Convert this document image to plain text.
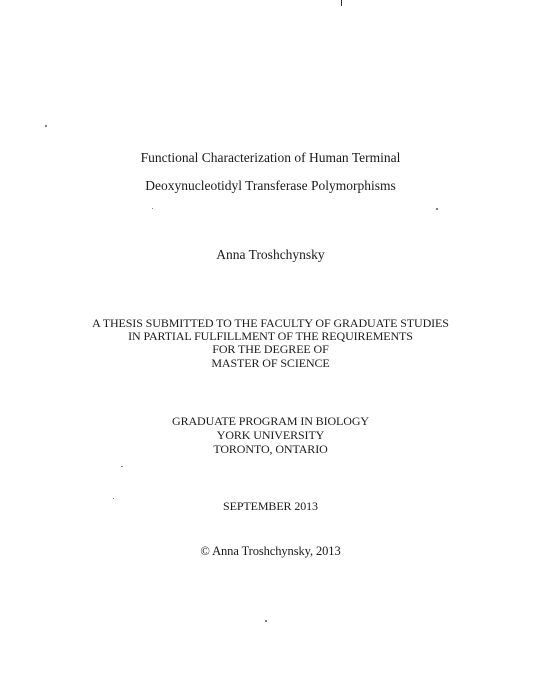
Functional Characterization of Human Terminal
Deoxynucleotidyl Transferase Polymorphisms
Anna Troshchynsky
A THESIS SUBMITTED TO THE FACULTY OF GRADUATE STUDIES
IN PARTIAL FULFILLMENT OF THE REQUIREMENTS
FOR THE DEGREE OF
MASTER OF SCIENCE
GRADUATE PROGRAM IN BIOLOGY
YORK UNIVERSITY
TORONTO, ONTARIO
SEPTEMBER 2013
© Anna Troshchynsky, 2013
